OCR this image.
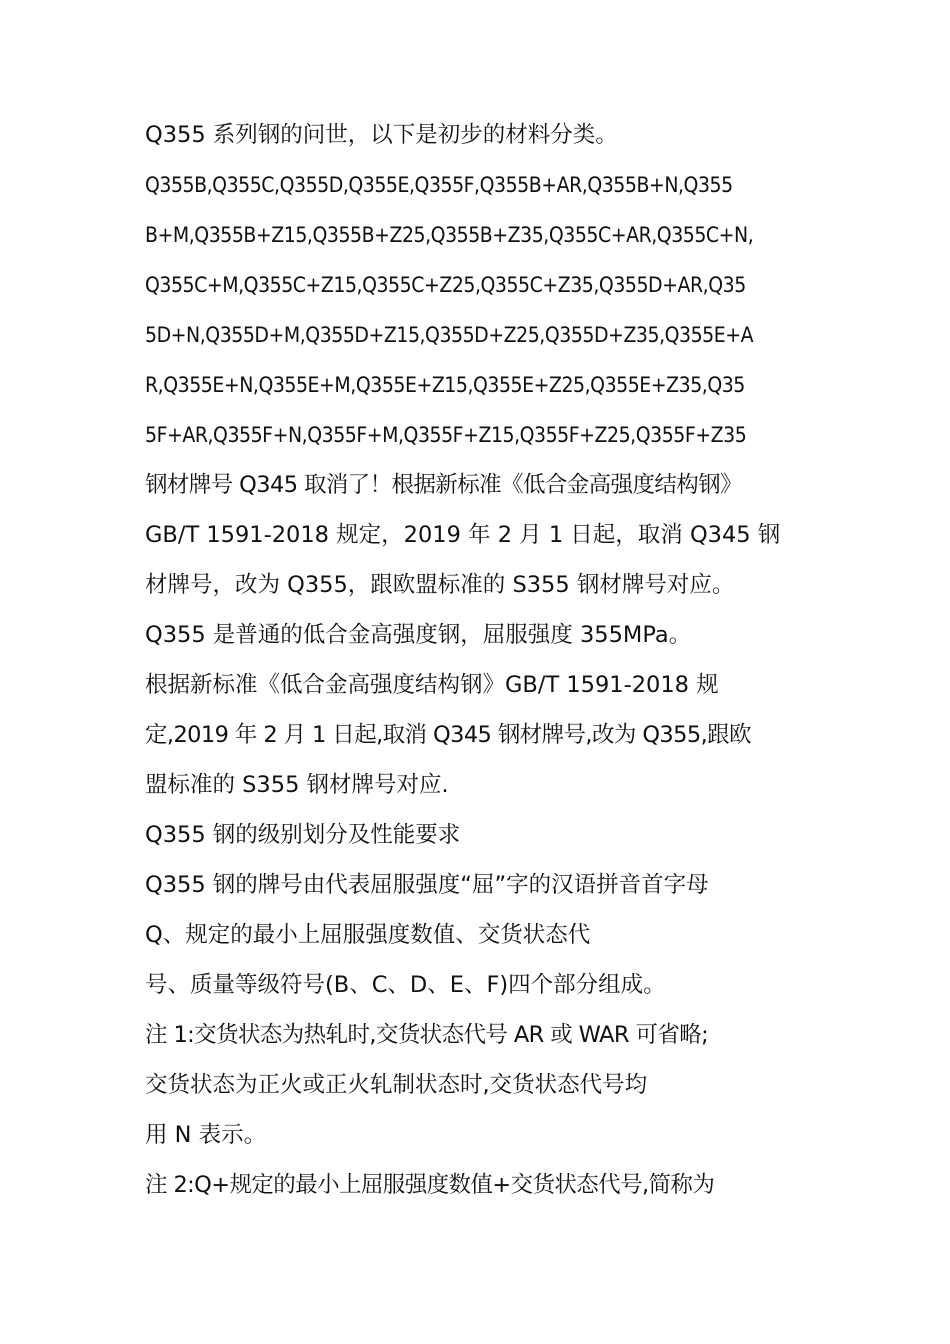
Q355 系列钢的问世，以下是初步的材料分类。
Q355B,Q355C,Q355D,Q355E,Q355F,Q355B+AR,Q355B+N,Q355
B+M,Q355B+Z15,Q355B+Z25,Q355B+Z35,Q355C+AR,Q355C+N,
Q355C+M,Q355C+Z15,Q355C+Z25,Q355C+Z35,Q355D+AR,Q35
5D+N,Q355D+M,Q355D+Z15,Q355D+Z25,Q355D+Z35,Q355E+A
R,Q355E+N,Q355E+M,Q355E+Z15,Q355E+Z25,Q355E+Z35,Q35
5F+AR,Q355F+N,Q355F+M,Q355F+Z15,Q355F+Z25,Q355F+Z35
钢材牌号 Q345 取消了！根据新标准《低合金高强度结构钢》
GB/T 1591-2018 规定，2019 年 2 月 1 日起，取消 Q345 钢
材牌号，改为 Q355，跟欧盟标准的 S355 钢材牌号对应。
Q355 是普通的低合金高强度钢，屈服强度 355MPa。
根据新标准《低合金高强度结构钢》GB/T 1591-2018 规
定,2019 年 2 月 1 日起,取消 Q345 钢材牌号,改为 Q355,跟欧
盟标准的 S355 钢材牌号对应.
Q355 钢的级别划分及性能要求
Q355 钢的牌号由代表屈服强度“屈”字的汉语拼音首字母
Q、规定的最小上屈服强度数值、交货状态代
号、质量等级符号(B、C、D、E、F)四个部分组成。
注 1:交货状态为热轧时,交货状态代号 AR 或 WAR 可省略;
交货状态为正火或正火轧制状态时,交货状态代号均
用 N 表示。
注 2:Q+规定的最小上屈服强度数值+交货状态代号,简称为
